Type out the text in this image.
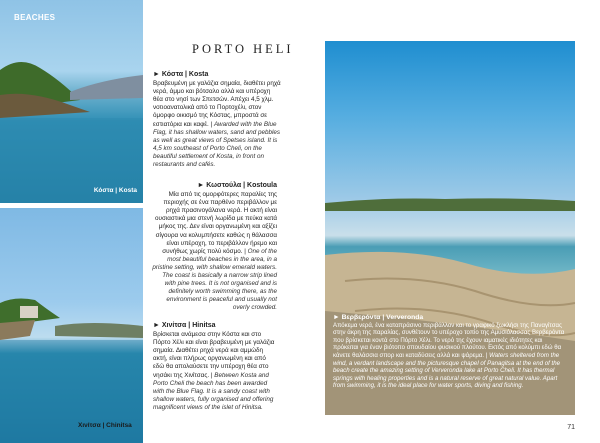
BEACHES
Κόστα | Kosta
Χινίτσα | Chinitsa
PORTO HELI
► Κόστα | Kosta
Βραβευμένη με γαλάζια σημαία, διαθέτει ρηχά νερά, άμμο και βότσαλο αλλά και υπέροχη θέα στο νησί των Σπετσών. Απέχει 4,5 χλμ. νοτιοανατολικά από το Πορτοχέλι, στον όμορφο οικισμό της Κόστας, μπροστά σε εστιατόρια και καφέ. | Awarded with the Blue Flag, it has shallow waters, sand and pebbles as well as great views of Spetses island. It is 4,5 km southeast of Porto Cheli, on the beautiful settlement of Kosta, in front on restaurants and cafés.
► Κωστούλα | Kostoula
Μία από τις ομορφότερες παραλίες της περιοχής σε ένα παρθένο περιβάλλον με ρηχά πρασινογάλανα νερά. Η ακτή είναι ουσιαστικά μια στενή λωρίδα με πεύκα κατά μήκος της. Δεν είναι οργανωμένη και αξίζει σίγουρα να κολυμπήσετε καθώς η θάλασσα είναι υπέροχη, το περιβάλλον ήρεμο και συνήθως χωρίς πολύ κόσμο. | One of the most beautiful beaches in the area, in a pristine setting, with shallow emerald waters. The coast is basically a narrow strip lined with pine trees. It is not organised and is definitely worth swimming there, as the environment is peaceful and usually not overly crowded.
► Χινίτσα | Hinitsa
Βρίσκεται ανάμεσα στην Κόστα και στο Πόρτο Χέλι και είναι βραβευμένη με γαλάζια σημαία. Διαθέτει ρηχά νερά και αμμώδη ακτή, είναι πλήρως οργανωμένη και από εδώ θα απολαύσετε την υπέροχη θέα στο νησάκι της Χινίτσας. | Between Kosta and Porto Cheli the beach has been awarded with the Blue Flag. It is a sandy coast with shallow waters, fully organised and offering magnificent views of the islet of Hinitsa.
► Βερβερόντα | Ververonda
Απόκεμα νερά, ένα καταπράσινο περιβάλλον και το γραφικό ξωκλήσι της Παναγίτσας στην άκρη της παραλίας, συνθέτουν το υπέροχο τοπίο της Αμυσιόλασσας Βερβερόντα που βρίσκεται κοντά στο Πόρτο Χέλι. Το νερό της έχουν ιαματικές ιδιότητες και πρόκειται για έναν βιότοπο σπουδαίου φυσικού πλούτου. Εκτός από κολύμπι εδώ θα κάνετε θαλάσσια σπορ και καταδύσεις αλλά και ψάρεμα. | Waters sheltered from the wind, a verdant landscape and the picturesque chapel of Panagitsa at the end of the beach create the amazing setting of Ververonda lake at Porto Cheli. It has thermal springs with healing properties and is a natural reserve of great natural value. Apart from swimming, it is the ideal place for water sports, diving and fishing.
71
